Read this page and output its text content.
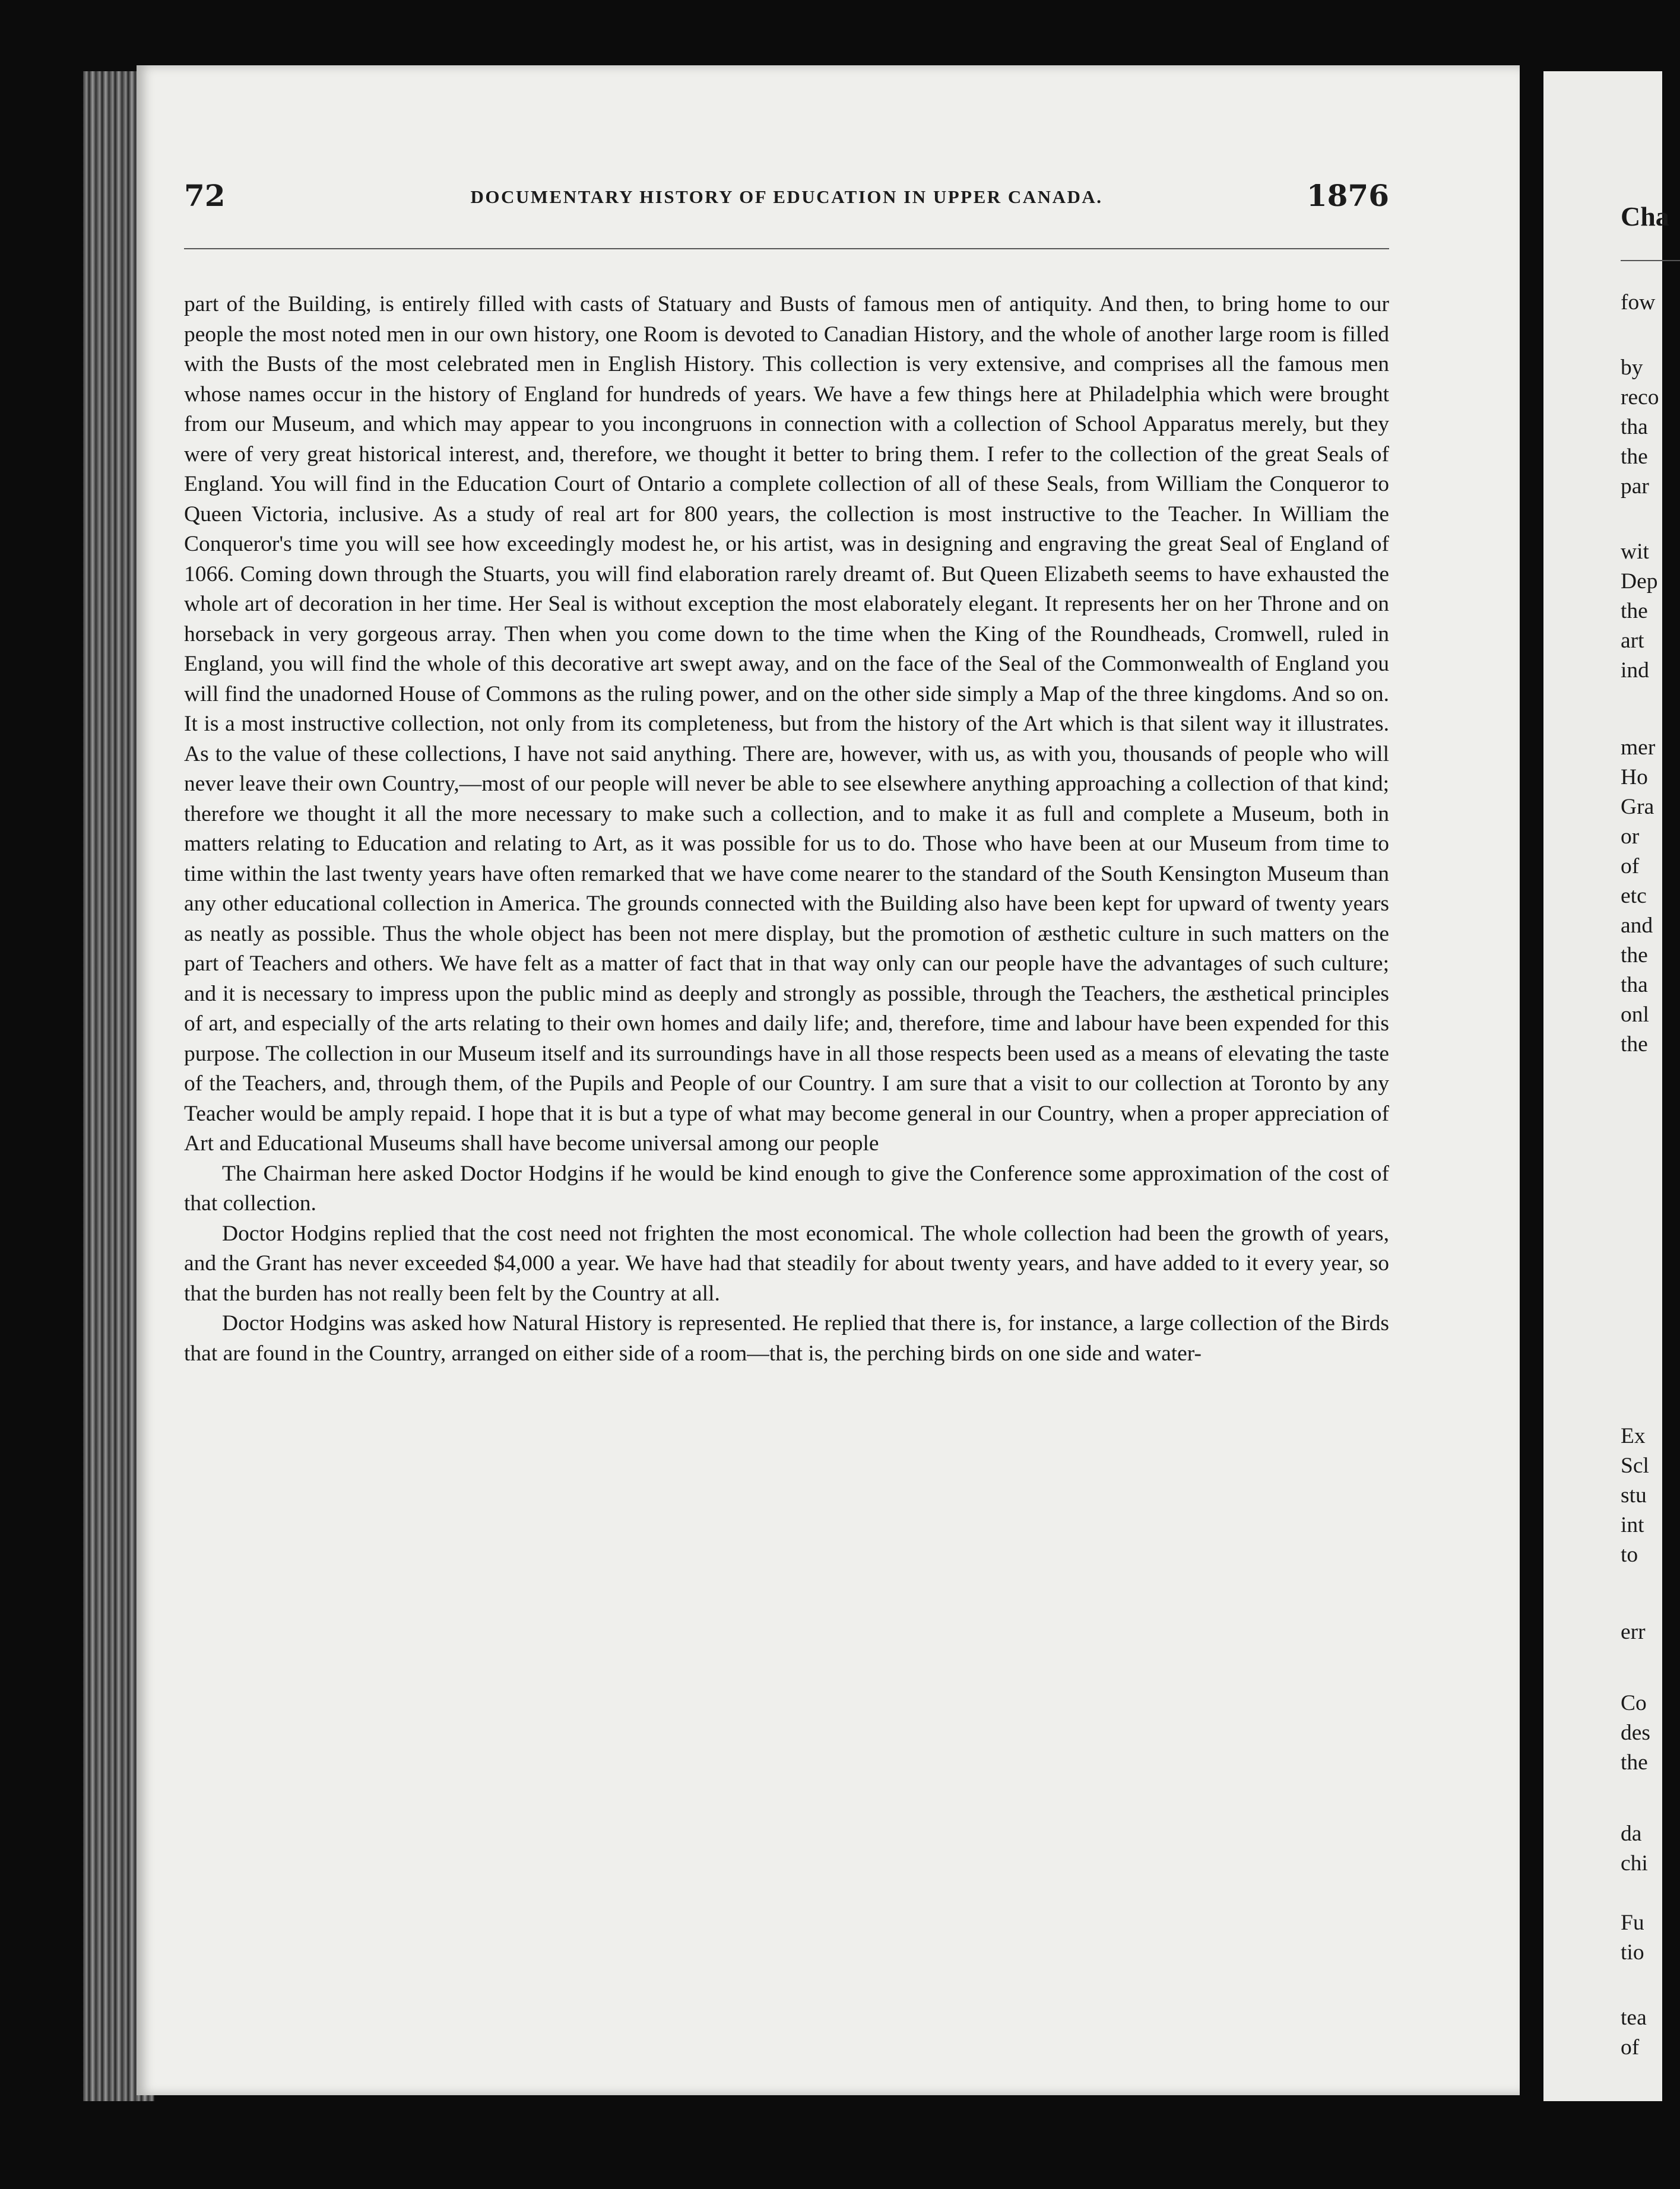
72	DOCUMENTARY HISTORY OF EDUCATION IN UPPER CANADA.	1876

part of the Building, is entirely filled with casts of Statuary and Busts of famous men of antiquity. And then, to bring home to our people the most noted men in our own history, one Room is devoted to Canadian History, and the whole of another large room is filled with the Busts of the most celebrated men in English History. This collection is very extensive, and comprises all the famous men whose names occur in the history of England for hundreds of years. We have a few things here at Philadelphia which were brought from our Museum, and which may appear to you incongruons in connection with a collection of School Apparatus merely, but they were of very great historical interest, and, therefore, we thought it better to bring them. I refer to the collection of the great Seals of England. You will find in the Education Court of Ontario a complete collection of all of these Seals, from William the Conqueror to Queen Victoria, inclusive. As a study of real art for 800 years, the collection is most instructive to the Teacher. In William the Conqueror's time you will see how exceedingly modest he, or his artist, was in designing and engraving the great Seal of England of 1066. Coming down through the Stuarts, you will find elaboration rarely dreamt of. But Queen Elizabeth seems to have exhausted the whole art of decoration in her time. Her Seal is without exception the most elaborately elegant. It represents her on her Throne and on horseback in very gorgeous array. Then when you come down to the time when the King of the Roundheads, Cromwell, ruled in England, you will find the whole of this decorative art swept away, and on the face of the Seal of the Commonwealth of England you will find the unadorned House of Commons as the ruling power, and on the other side simply a Map of the three kingdoms. And so on. It is a most instructive collection, not only from its completeness, but from the history of the Art which is that silent way it illustrates. As to the value of these collections, I have not said anything. There are, however, with us, as with you, thousands of people who will never leave their own Country,—most of our people will never be able to see elsewhere anything approaching a collection of that kind; therefore we thought it all the more necessary to make such a collection, and to make it as full and complete a Museum, both in matters relating to Education and relating to Art, as it was possible for us to do. Those who have been at our Museum from time to time within the last twenty years have often remarked that we have come nearer to the standard of the South Kensington Museum than any other educational collection in America. The grounds connected with the Building also have been kept for upward of twenty years as neatly as possible. Thus the whole object has been not mere display, but the promotion of æsthetic culture in such matters on the part of Teachers and others. We have felt as a matter of fact that in that way only can our people have the advantages of such culture; and it is necessary to impress upon the public mind as deeply and strongly as possible, through the Teachers, the æsthetical principles of art, and especially of the arts relating to their own homes and daily life; and, therefore, time and labour have been expended for this purpose. The collection in our Museum itself and its surroundings have in all those respects been used as a means of elevating the taste of the Teachers, and, through them, of the Pupils and People of our Country. I am sure that a visit to our collection at Toronto by any Teacher would be amply repaid. I hope that it is but a type of what may become general in our Country, when a proper appreciation of Art and Educational Museums shall have become universal among our people

The Chairman here asked Doctor Hodgins if he would be kind enough to give the Conference some approximation of the cost of that collection.

Doctor Hodgins replied that the cost need not frighten the most economical. The whole collection had been the growth of years, and the Grant has never exceeded $4,000 a year. We have had that steadily for about twenty years, and have added to it every year, so that the burden has not really been felt by the Country at all.

Doctor Hodgins was asked how Natural History is represented. He replied that there is, for instance, a large collection of the Birds that are found in the Country, arranged on either side of a room—that is, the perching birds on one side and water-

Cha
fow
by
reco
tha
the
par
wit
Dep
the
art
ind
mer
Ho
Gra
or
of
etc
and
the
tha
onl
the
Ex
Scl
stu
int
to
err
Co
des
the
da
chi
Fu
tio
tea
of
